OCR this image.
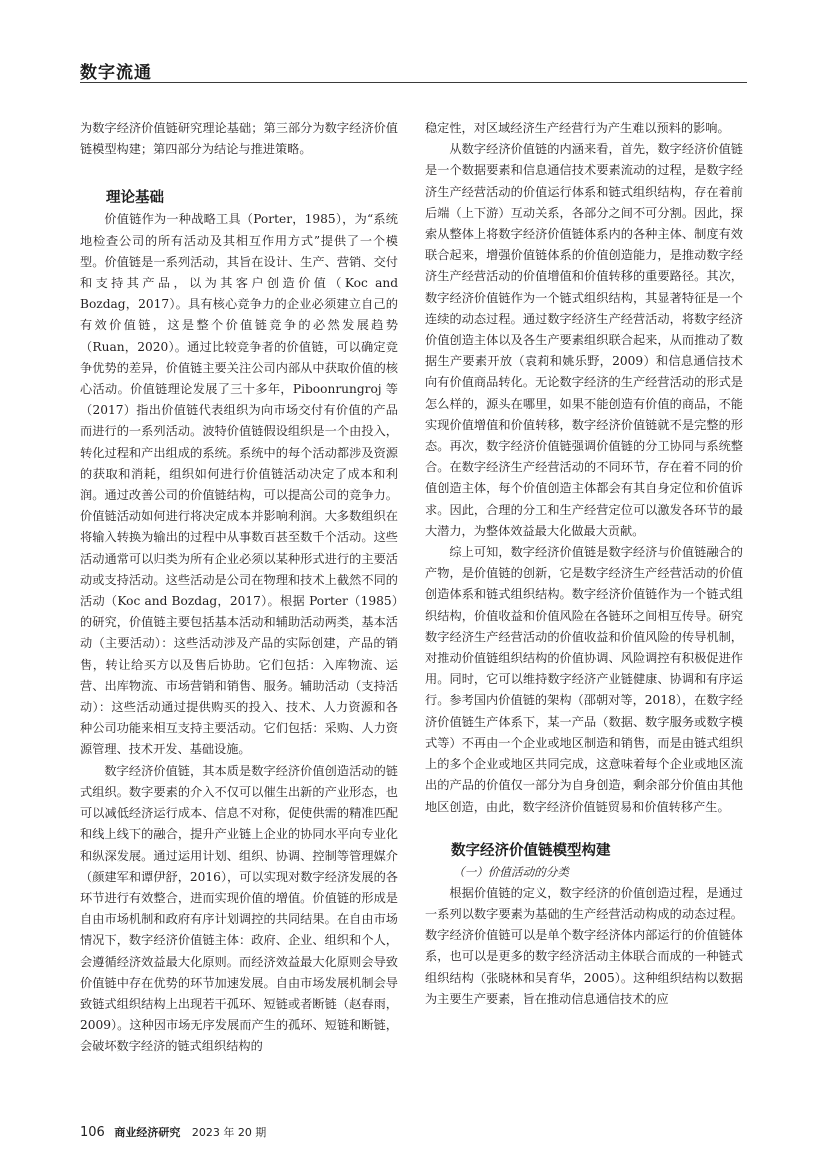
数字流通

为数字经济价值链研究理论基础；第三部分为数字经济价值链模型构建；第四部分为结论与推进策略。

理论基础

价值链作为一种战略工具（Porter，1985），为“系统地检查公司的所有活动及其相互作用方式”提供了一个模型。价值链是一系列活动，其旨在设计、生产、营销、交付和支持其产品，以为其客户创造价值（Koc and Bozdag，2017）。具有核心竞争力的企业必须建立自己的有效价值链，这是整个价值链竞争的必然发展趋势（Ruan，2020）。通过比较竞争者的价值链，可以确定竞争优势的差异，价值链主要关注公司内部从中获取价值的核心活动。价值链理论发展了三十多年，Piboonrungroj 等（2017）指出价值链代表组织为向市场交付有价值的产品而进行的一系列活动。波特价值链假设组织是一个由投入，转化过程和产出组成的系统。系统中的每个活动都涉及资源的获取和消耗，组织如何进行价值链活动决定了成本和利润。通过改善公司的价值链结构，可以提高公司的竞争力。价值链活动如何进行将决定成本并影响利润。大多数组织在将输入转换为输出的过程中从事数百甚至数千个活动。这些活动通常可以归类为所有企业必须以某种形式进行的主要活动或支持活动。这些活动是公司在物理和技术上截然不同的活动（Koc and Bozdag，2017）。根据 Porter（1985）的研究，价值链主要包括基本活动和辅助活动两类，基本活动（主要活动）：这些活动涉及产品的实际创建，产品的销售，转让给买方以及售后协助。它们包括：入库物流、运营、出库物流、市场营销和销售、服务。辅助活动（支持活动）：这些活动通过提供购买的投入、技术、人力资源和各种公司功能来相互支持主要活动。它们包括：采购、人力资源管理、技术开发、基础设施。

数字经济价值链，其本质是数字经济价值创造活动的链式组织。数字要素的介入不仅可以催生出新的产业形态，也可以减低经济运行成本、信息不对称，促使供需的精准匹配和线上线下的融合，提升产业链上企业的协同水平向专业化和纵深发展。通过运用计划、组织、协调、控制等管理媒介（颜建军和谭伊舒，2016），可以实现对数字经济发展的各环节进行有效整合，进而实现价值的增值。价值链的形成是自由市场机制和政府有序计划调控的共同结果。在自由市场情况下，数字经济价值链主体：政府、企业、组织和个人，会遵循经济效益最大化原则。而经济效益最大化原则会导致价值链中存在优势的环节加速发展。自由市场发展机制会导致链式组织结构上出现若干孤环、短链或者断链（赵春雨，2009）。这种因市场无序发展而产生的孤环、短链和断链，会破坏数字经济的链式组织结构的

稳定性，对区域经济生产经营行为产生难以预料的影响。

从数字经济价值链的内涵来看，首先，数字经济价值链是一个数据要素和信息通信技术要素流动的过程，是数字经济生产经营活动的价值运行体系和链式组织结构，存在着前后端（上下游）互动关系，各部分之间不可分割。因此，探索从整体上将数字经济价值链体系内的各种主体、制度有效联合起来，增强价值链体系的价值创造能力，是推动数字经济生产经营活动的价值增值和价值转移的重要路径。其次，数字经济价值链作为一个链式组织结构，其显著特征是一个连续的动态过程。通过数字经济生产经营活动，将数字经济价值创造主体以及各生产要素组织联合起来，从而推动了数据生产要素开放（袁莉和姚乐野，2009）和信息通信技术向有价值商品转化。无论数字经济的生产经营活动的形式是怎么样的，源头在哪里，如果不能创造有价值的商品，不能实现价值增值和价值转移，数字经济价值链就不是完整的形态。再次，数字经济价值链强调价值链的分工协同与系统整合。在数字经济生产经营活动的不同环节，存在着不同的价值创造主体，每个价值创造主体都会有其自身定位和价值诉求。因此，合理的分工和生产经营定位可以激发各环节的最大潜力，为整体效益最大化做最大贡献。

综上可知，数字经济价值链是数字经济与价值链融合的产物，是价值链的创新，它是数字经济生产经营活动的价值创造体系和链式组织结构。数字经济价值链作为一个链式组织结构，价值收益和价值风险在各链环之间相互传导。研究数字经济生产经营活动的价值收益和价值风险的传导机制，对推动价值链组织结构的价值协调、风险调控有积极促进作用。同时，它可以维持数字经济产业链健康、协调和有序运行。参考国内价值链的架构（邵朝对等，2018），在数字经济价值链生产体系下，某一产品（数据、数字服务或数字模式等）不再由一个企业或地区制造和销售，而是由链式组织上的多个企业或地区共同完成，这意味着每个企业或地区流出的产品的价值仅一部分为自身创造，剩余部分价值由其他地区创造，由此，数字经济价值链贸易和价值转移产生。

数字经济价值链模型构建
（一）价值活动的分类

根据价值链的定义，数字经济的价值创造过程，是通过一系列以数字要素为基础的生产经营活动构成的动态过程。数字经济价值链可以是单个数字经济体内部运行的价值链体系，也可以是更多的数字经济活动主体联合而成的一种链式组织结构（张晓林和吴育华，2005）。这种组织结构以数据为主要生产要素，旨在推动信息通信技术的应

106 商业经济研究 2023 年 20 期
